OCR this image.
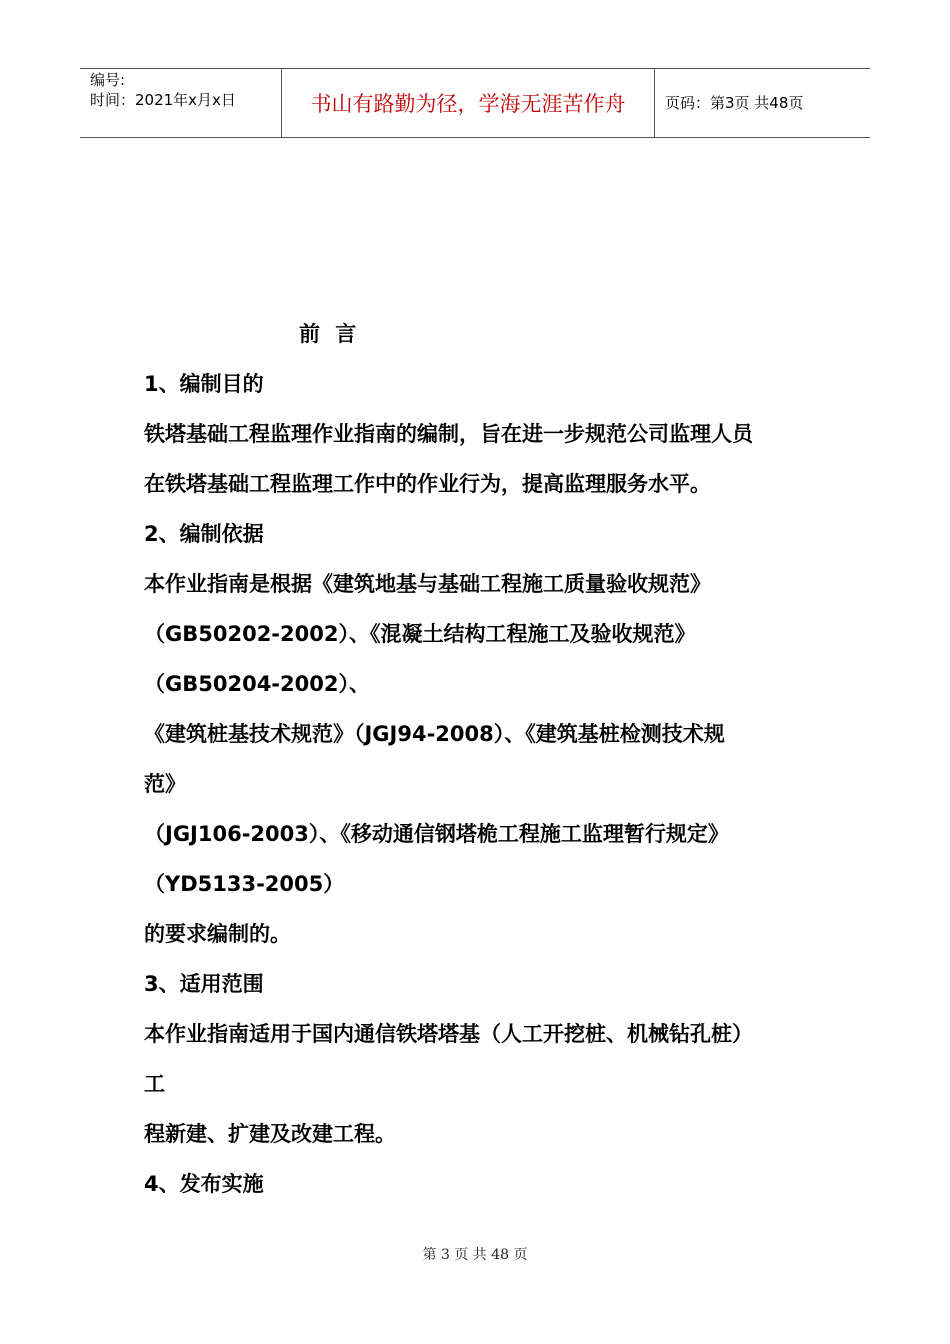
编号:
时间：2021年x月x日	书山有路勤为径，学海无涯苦作舟	页码：第3页 共48页
前 言
1、编制目的
铁塔基础工程监理作业指南的编制，旨在进一步规范公司监理人员
在铁塔基础工程监理工作中的作业行为，提高监理服务水平。
2、编制依据
本作业指南是根据《建筑地基与基础工程施工质量验收规范》
（GB50202-2002）、《混凝土结构工程施工及验收规范》
（GB50204-2002）、
《建筑桩基技术规范》（JGJ94-2008）、《建筑基桩检测技术规
范》
（JGJ106-2003）、《移动通信钢塔桅工程施工监理暂行规定》
（YD5133-2005）
的要求编制的。
3、适用范围
本作业指南适用于国内通信铁塔塔基（人工开挖桩、机械钻孔桩）
工
程新建、扩建及改建工程。
4、发布实施
第 3 页 共 48 页
